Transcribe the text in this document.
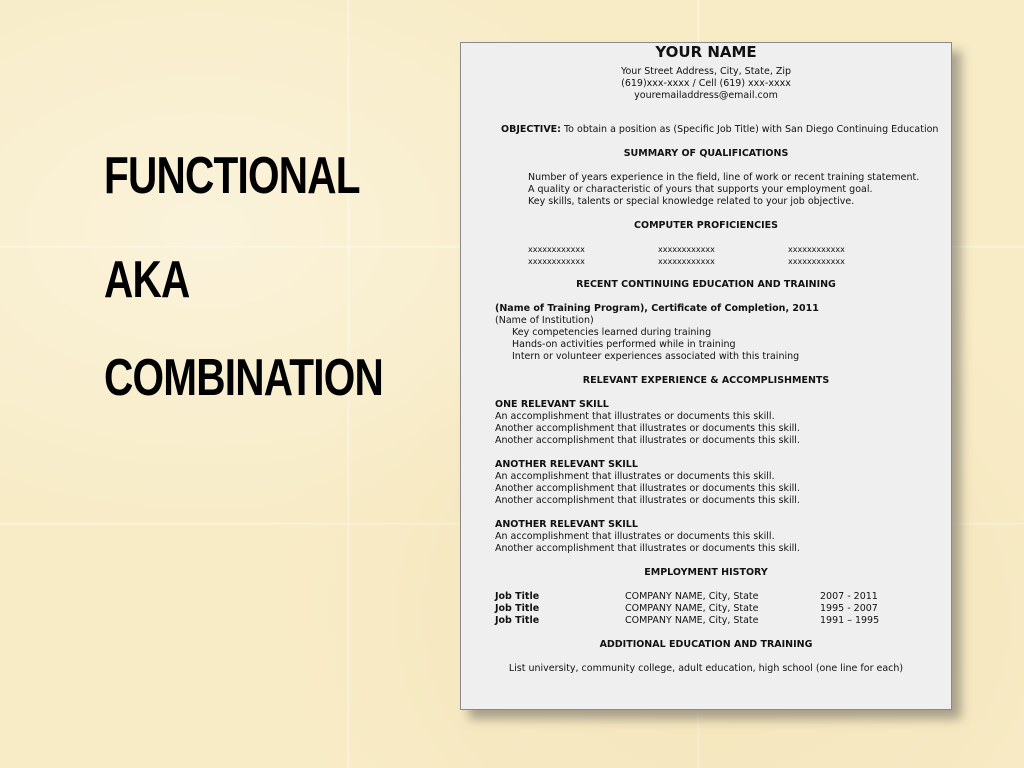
FUNCTIONAL
AKA
COMBINATION
YOUR NAME
Your Street Address, City, State, Zip
(619)xxx-xxxx / Cell (619) xxx-xxxx
youremailaddress@email.com
OBJECTIVE: To obtain a position as (Specific Job Title) with San Diego Continuing Education
SUMMARY OF QUALIFICATIONS
Number of years experience in the field, line of work or recent training statement.
A quality or characteristic of yours that supports your employment goal.
Key skills, talents or special knowledge related to your job objective.
COMPUTER PROFICIENCIES
xxxxxxxxxxxx	xxxxxxxxxxxx	xxxxxxxxxxxx
xxxxxxxxxxxx	xxxxxxxxxxxx	xxxxxxxxxxxx
RECENT CONTINUING EDUCATION AND TRAINING
(Name of Training Program), Certificate of Completion, 2011
(Name of Institution)
Key competencies learned during training
Hands-on activities performed while in training
Intern or volunteer experiences associated with this training
RELEVANT EXPERIENCE & ACCOMPLISHMENTS
ONE RELEVANT SKILL
An accomplishment that illustrates or documents this skill.
Another accomplishment that illustrates or documents this skill.
Another accomplishment that illustrates or documents this skill.
ANOTHER RELEVANT SKILL
An accomplishment that illustrates or documents this skill.
Another accomplishment that illustrates or documents this skill.
Another accomplishment that illustrates or documents this skill.
ANOTHER RELEVANT SKILL
An accomplishment that illustrates or documents this skill.
Another accomplishment that illustrates or documents this skill.
EMPLOYMENT HISTORY
Job Title	COMPANY NAME, City, State	2007 - 2011
Job Title	COMPANY NAME, City, State	1995 - 2007
Job Title	COMPANY NAME, City, State	1991 – 1995
ADDITIONAL EDUCATION AND TRAINING
List university, community college, adult education, high school (one line for each)
